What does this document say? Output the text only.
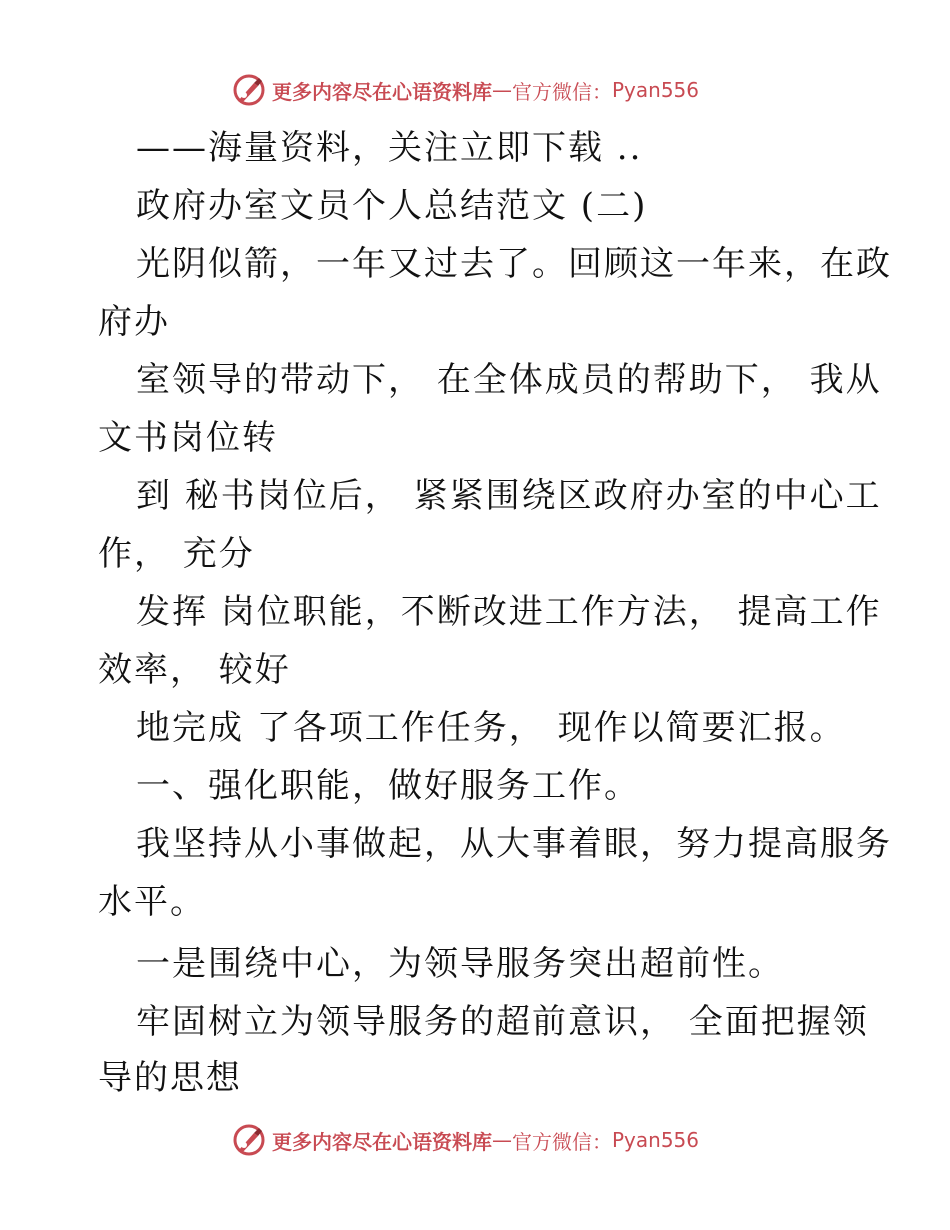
更多内容尽在心语资料库 — 官方微信： Pyan556
——海量资料，关注立即下载 ..
政府办室文员个人总结范文 (二)
光阴似箭，一年又过去了。回顾这一年来，在政
府办
室领导的带动下， 在全体成员的帮助下， 我从
文书岗位转
到 秘书岗位后， 紧紧围绕区政府办室的中心工
作， 充分
发挥 岗位职能，不断改进工作方法， 提高工作
效率， 较好
地完成 了各项工作任务， 现作以简要汇报。
一、强化职能，做好服务工作。
我坚持从小事做起，从大事着眼，努力提高服务
水平。
一是围绕中心，为领导服务突出超前性。
牢固树立为领导服务的超前意识， 全面把握领
导的思想
更多内容尽在心语资料库 — 官方微信： Pyan556
